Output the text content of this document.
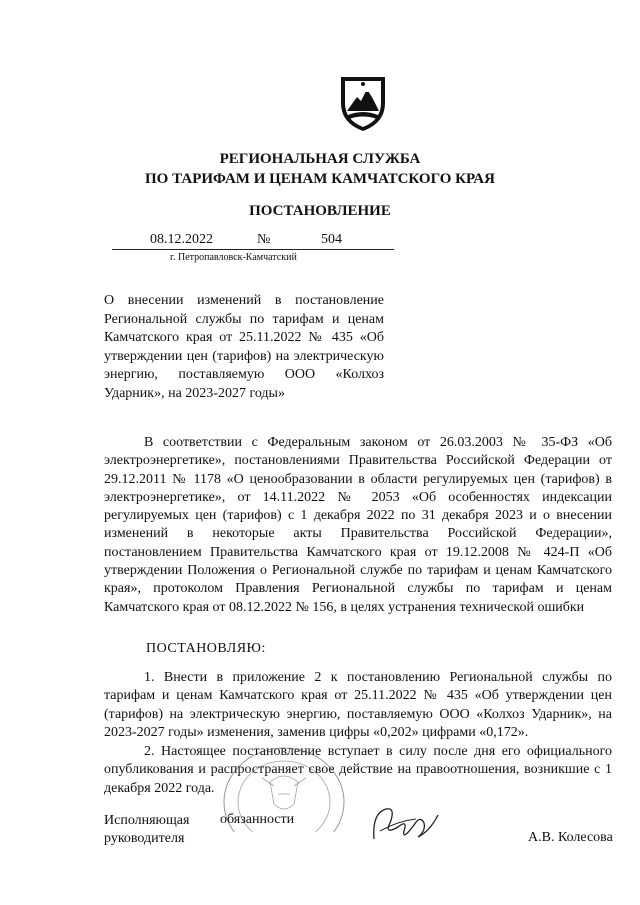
РЕГИОНАЛЬНАЯ СЛУЖБА
ПО ТАРИФАМ И ЦЕНАМ КАМЧАТСКОГО КРАЯ
ПОСТАНОВЛЕНИЕ
08.12.2022	№	504
г. Петропавловск-Камчатский
О внесении изменений в постановление Региональной службы по тарифам и ценам Камчатского края от 25.11.2022 № 435 «Об утверждении цен (тарифов) на электрическую энергию, поставляемую ООО «Колхоз Ударник», на 2023-2027 годы»
В соответствии с Федеральным законом от 26.03.2003 № 35-ФЗ «Об электроэнергетике», постановлениями Правительства Российской Федерации от 29.12.2011 № 1178 «О ценообразовании в области регулируемых цен (тарифов) в электроэнергетике», от 14.11.2022 № 2053 «Об особенностях индексации регулируемых цен (тарифов) с 1 декабря 2022 по 31 декабря 2023 и о внесении изменений в некоторые акты Правительства Российской Федерации», постановлением Правительства Камчатского края от 19.12.2008 № 424-П «Об утверждении Положения о Региональной службе по тарифам и ценам Камчатского края», протоколом Правления Региональной службы по тарифам и ценам Камчатского края от 08.12.2022 № 156, в целях устранения технической ошибки
ПОСТАНОВЛЯЮ:
1. Внести в приложение 2 к постановлению Региональной службы по тарифам и ценам Камчатского края от 25.11.2022 № 435 «Об утверждении цен (тарифов) на электрическую энергию, поставляемую ООО «Колхоз Ударник», на 2023-2027 годы» изменения, заменив цифры «0,202» цифрами «0,172».
2. Настоящее постановление вступает в силу после дня его официального опубликования и распространяет свое действие на правоотношения, возникшие с 1 декабря 2022 года.
Исполняющая
руководителя
обязанности
А.В. Колесова
